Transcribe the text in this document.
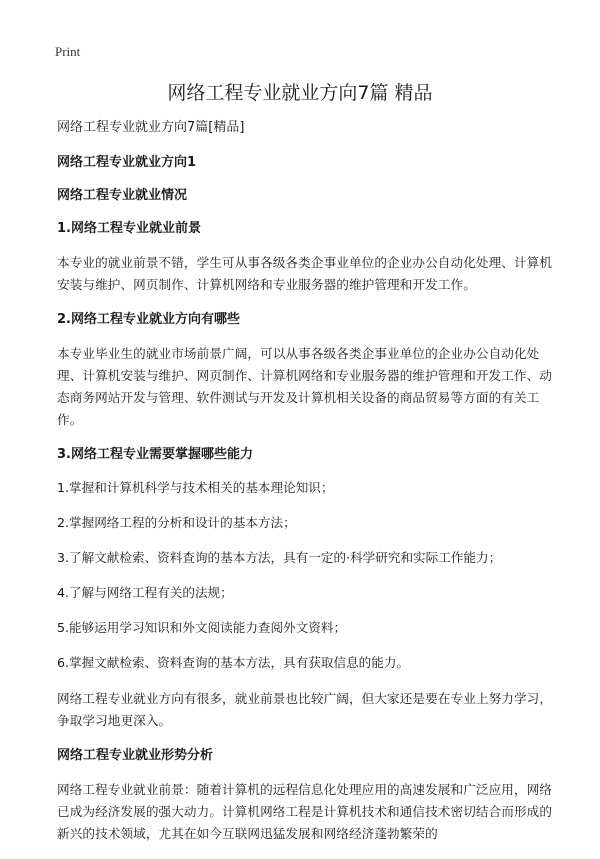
Print
网络工程专业就业方向7篇 精品

网络工程专业就业方向7篇[精品]

网络工程专业就业方向1

网络工程专业就业情况

1.网络工程专业就业前景

本专业的就业前景不错，学生可从事各级各类企事业单位的企业办公自动化处理、计算机安装与维护、网页制作、计算机网络和专业服务器的维护管理和开发工作。

2.网络工程专业就业方向有哪些

本专业毕业生的就业市场前景广阔，可以从事各级各类企事业单位的企业办公自动化处理、计算机安装与维护、网页制作、计算机网络和专业服务器的维护管理和开发工作、动态商务网站开发与管理、软件测试与开发及计算机相关设备的商品贸易等方面的有关工作。

3.网络工程专业需要掌握哪些能力

1.掌握和计算机科学与技术相关的基本理论知识；

2.掌握网络工程的分析和设计的基本方法；

3.了解文献检索、资料查询的基本方法，具有一定的·科学研究和实际工作能力；

4.了解与网络工程有关的法规；

5.能够运用学习知识和外文阅读能力查阅外文资料；

6.掌握文献检索、资料查询的基本方法，具有获取信息的能力。

网络工程专业就业方向有很多，就业前景也比较广阔，但大家还是要在专业上努力学习，争取学习地更深入。

网络工程专业就业形势分析

网络工程专业就业前景：随着计算机的远程信息化处理应用的高速发展和广泛应用，网络已成为经济发展的强大动力。计算机网络工程是计算机技术和通信技术密切结合而形成的新兴的技术领域，尤其在如今互联网迅猛发展和网络经济蓬勃繁荣的
